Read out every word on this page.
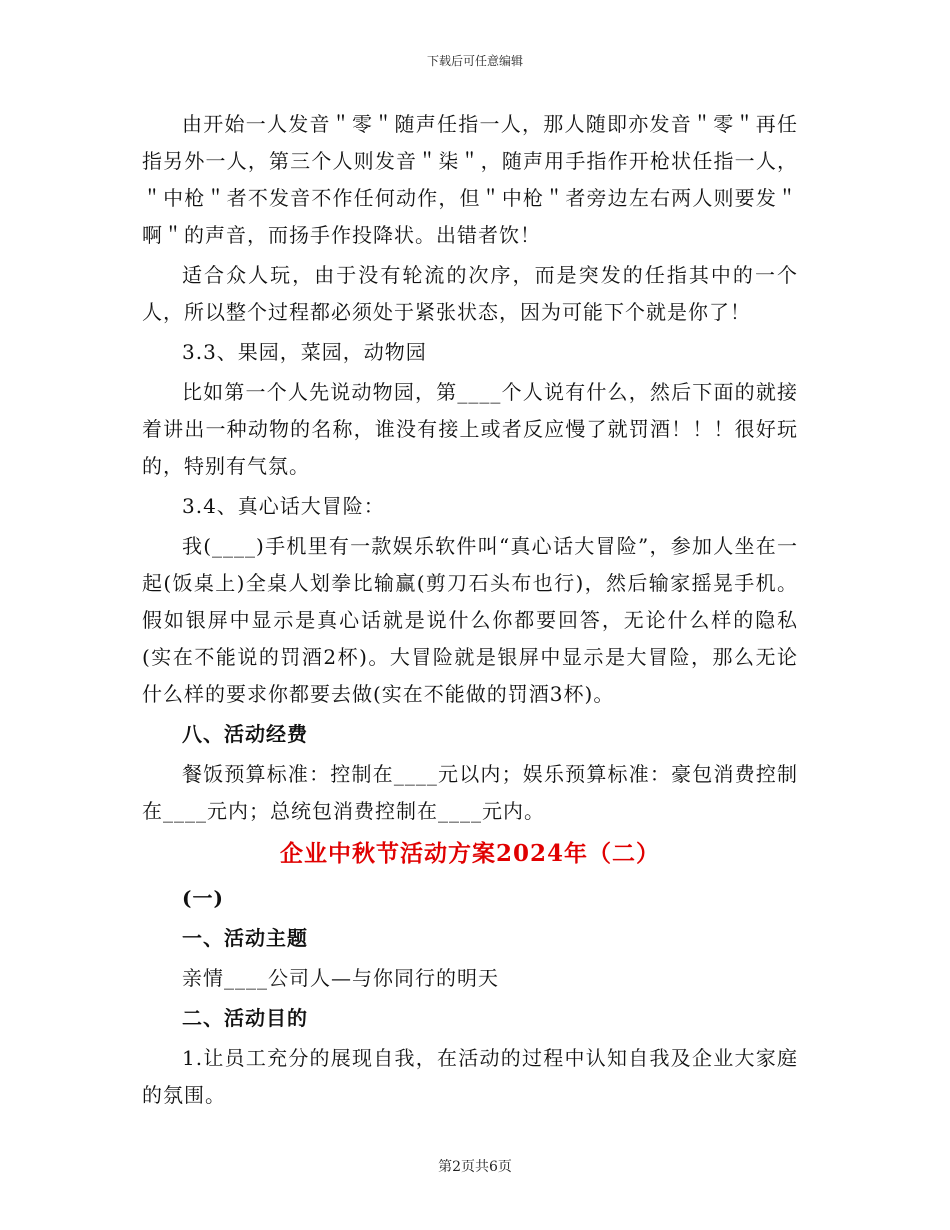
下载后可任意编辑

由开始一人发音＂零＂随声任指一人，那人随即亦发音＂零＂再任指另外一人，第三个人则发音＂柒＂，随声用手指作开枪状任指一人，＂中枪＂者不发音不作任何动作，但＂中枪＂者旁边左右两人则要发＂啊＂的声音，而扬手作投降状。出错者饮！

适合众人玩，由于没有轮流的次序，而是突发的任指其中的一个人，所以整个过程都必须处于紧张状态，因为可能下个就是你了！

3.3、果园，菜园，动物园

比如第一个人先说动物园，第____个人说有什么，然后下面的就接着讲出一种动物的名称，谁没有接上或者反应慢了就罚酒！！！很好玩的，特别有气氛。

3.4、真心话大冒险：

我(____)手机里有一款娱乐软件叫“真心话大冒险”，参加人坐在一起(饭桌上)全桌人划拳比输赢(剪刀石头布也行)，然后输家摇晃手机。假如银屏中显示是真心话就是说什么你都要回答，无论什么样的隐私(实在不能说的罚酒2杯)。大冒险就是银屏中显示是大冒险，那么无论什么样的要求你都要去做(实在不能做的罚酒3杯)。

八、活动经费

餐饭预算标准：控制在____元以内；娱乐预算标准：豪包消费控制在____元内；总统包消费控制在____元内。

企业中秋节活动方案2024年（二）
(一)
一、活动主题
亲情____公司人—与你同行的明天
二、活动目的

1.让员工充分的展现自我，在活动的过程中认知自我及企业大家庭的氛围。

第2页共6页
